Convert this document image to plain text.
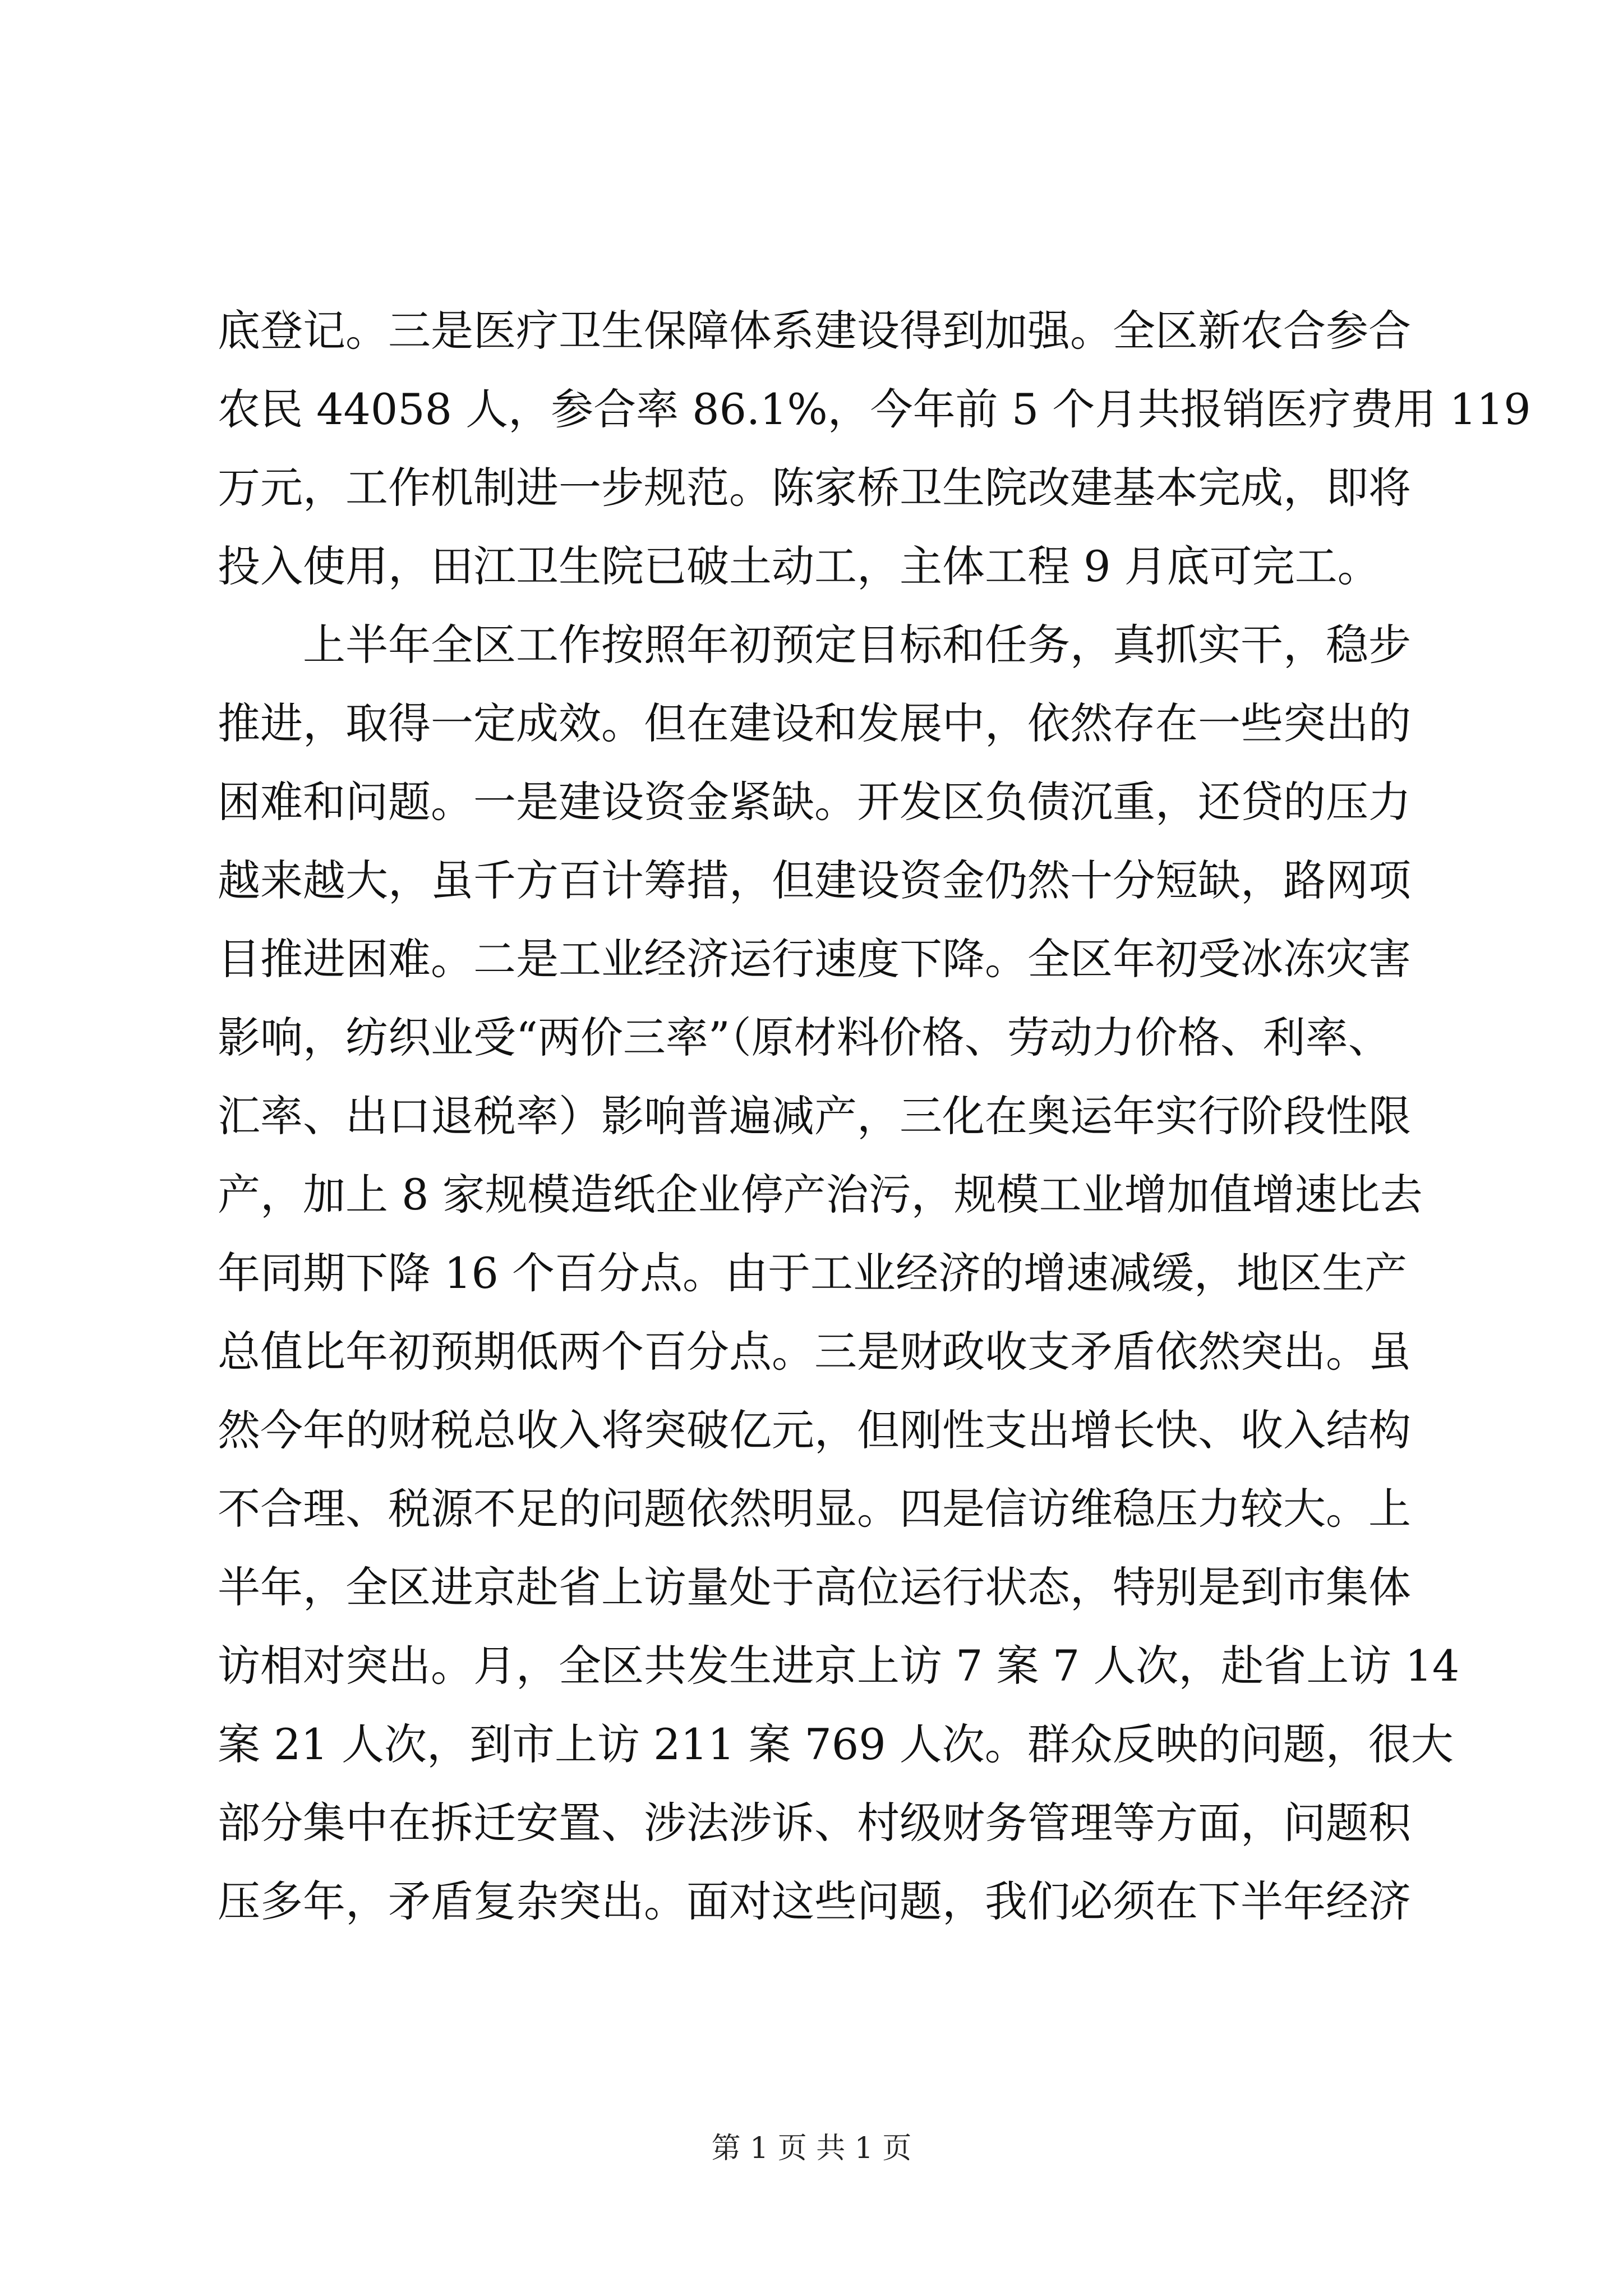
底登记。三是医疗卫生保障体系建设得到加强。全区新农合参合
农民 44058 人，参合率 86.1%，今年前 5 个月共报销医疗费用 119
万元，工作机制进一步规范。陈家桥卫生院改建基本完成，即将
投入使用，田江卫生院已破土动工，主体工程 9 月底可完工。
上半年全区工作按照年初预定目标和任务，真抓实干，稳步
推进，取得一定成效。但在建设和发展中，依然存在一些突出的
困难和问题。一是建设资金紧缺。开发区负债沉重，还贷的压力
越来越大，虽千方百计筹措，但建设资金仍然十分短缺，路网项
目推进困难。二是工业经济运行速度下降。全区年初受冰冻灾害
影响，纺织业受“两价三率”（原材料价格、劳动力价格、利率、
汇率、出口退税率）影响普遍减产，三化在奥运年实行阶段性限
产，加上 8 家规模造纸企业停产治污，规模工业增加值增速比去
年同期下降 16 个百分点。由于工业经济的增速减缓，地区生产
总值比年初预期低两个百分点。三是财政收支矛盾依然突出。虽
然今年的财税总收入将突破亿元，但刚性支出增长快、收入结构
不合理、税源不足的问题依然明显。四是信访维稳压力较大。上
半年，全区进京赴省上访量处于高位运行状态，特别是到市集体
访相对突出。月，全区共发生进京上访 7 案 7 人次，赴省上访 14
案 21 人次，到市上访 211 案 769 人次。群众反映的问题，很大
部分集中在拆迁安置、涉法涉诉、村级财务管理等方面，问题积
压多年，矛盾复杂突出。面对这些问题，我们必须在下半年经济
第 1 页 共 1 页
